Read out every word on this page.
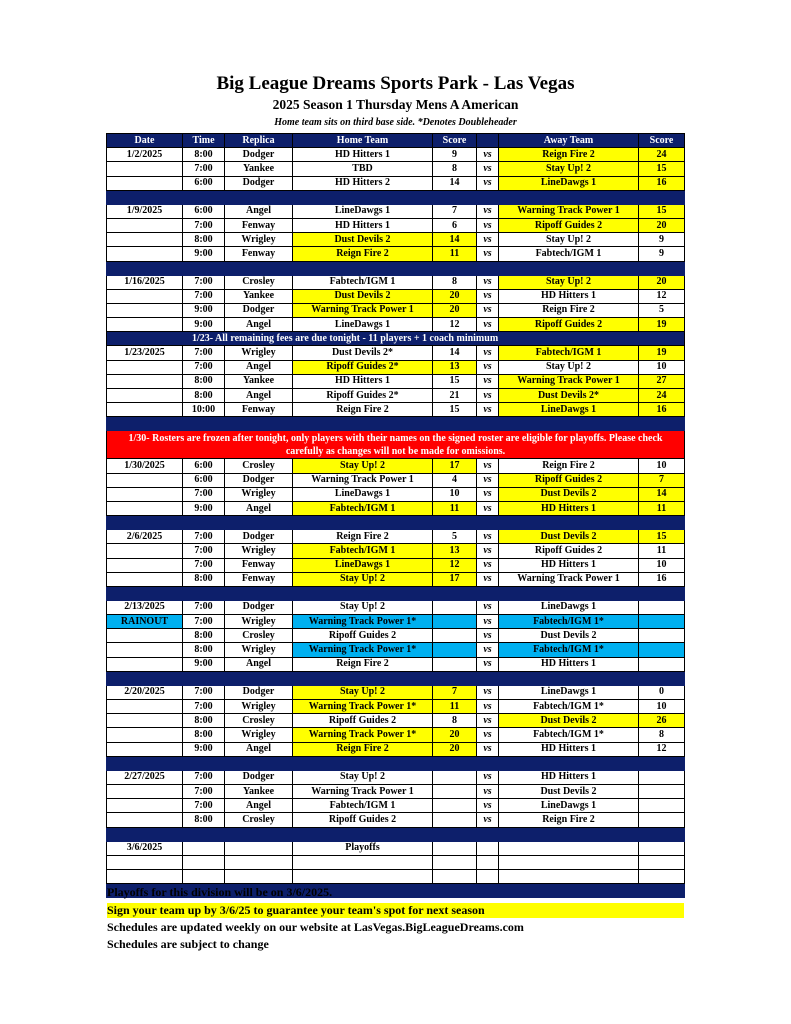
Big League Dreams Sports Park - Las Vegas
2025 Season 1 Thursday Mens A American
Home team sits on third base side. *Denotes Doubleheader
Date	Time	Replica	Home Team	Score		Away Team	Score
1/2/2025	8:00	Dodger	HD Hitters 1	9	vs	Reign Fire 2	24
	7:00	Yankee	TBD	8	vs	Stay Up! 2	15
	6:00	Dodger	HD Hitters 2	14	vs	LineDawgs 1	16

1/9/2025	6:00	Angel	LineDawgs 1	7	vs	Warning Track Power 1	15
	7:00	Fenway	HD Hitters 1	6	vs	Ripoff Guides 2	20
	8:00	Wrigley	Dust Devils 2	14	vs	Stay Up! 2	9
	9:00	Fenway	Reign Fire 2	11	vs	Fabtech/IGM 1	9

1/16/2025	7:00	Crosley	Fabtech/IGM 1	8	vs	Stay Up! 2	20
	7:00	Yankee	Dust Devils 2	20	vs	HD Hitters 1	12
	9:00	Dodger	Warning Track Power 1	20	vs	Reign Fire 2	5
	9:00	Angel	LineDawgs 1	12	vs	Ripoff Guides 2	19
1/23- All remaining fees are due tonight - 11 players + 1 coach minimum							
1/23/2025	7:00	Wrigley	Dust Devils 2*	14	vs	Fabtech/IGM 1	19
	7:00	Angel	Ripoff Guides 2*	13	vs	Stay Up! 2	10
	8:00	Yankee	HD Hitters 1	15	vs	Warning Track Power 1	27
	8:00	Angel	Ripoff Guides 2*	21	vs	Dust Devils 2*	24
	10:00	Fenway	Reign Fire 2	15	vs	LineDawgs 1	16

1/30- Rosters are frozen after tonight, only players with their names on the signed roster are eligible for playoffs. Please check carefully as changes will not be made for omissions.							
1/30/2025	6:00	Crosley	Stay Up! 2	17	vs	Reign Fire 2	10
	6:00	Dodger	Warning Track Power 1	4	vs	Ripoff Guides 2	7
	7:00	Wrigley	LineDawgs 1	10	vs	Dust Devils 2	14
	9:00	Angel	Fabtech/IGM 1	11	vs	HD Hitters 1	11

2/6/2025	7:00	Dodger	Reign Fire 2	5	vs	Dust Devils 2	15
	7:00	Wrigley	Fabtech/IGM 1	13	vs	Ripoff Guides 2	11
	7:00	Fenway	LineDawgs 1	12	vs	HD Hitters 1	10
	8:00	Fenway	Stay Up! 2	17	vs	Warning Track Power 1	16

2/13/2025	7:00	Dodger	Stay Up! 2		vs	LineDawgs 1	
RAINOUT	7:00	Wrigley	Warning Track Power 1*		vs	Fabtech/IGM 1*	
	8:00	Crosley	Ripoff Guides 2		vs	Dust Devils 2	
	8:00	Wrigley	Warning Track Power 1*		vs	Fabtech/IGM 1*	
	9:00	Angel	Reign Fire 2		vs	HD Hitters 1	

2/20/2025	7:00	Dodger	Stay Up! 2	7	vs	LineDawgs 1	0
	7:00	Wrigley	Warning Track Power 1*	11	vs	Fabtech/IGM 1*	10
	8:00	Crosley	Ripoff Guides 2	8	vs	Dust Devils 2	26
	8:00	Wrigley	Warning Track Power 1*	20	vs	Fabtech/IGM 1*	8
	9:00	Angel	Reign Fire 2	20	vs	HD Hitters 1	12

2/27/2025	7:00	Dodger	Stay Up! 2		vs	HD Hitters 1	
	7:00	Yankee	Warning Track Power 1		vs	Dust Devils 2	
	7:00	Angel	Fabtech/IGM 1		vs	LineDawgs 1	
	8:00	Crosley	Ripoff Guides 2		vs	Reign Fire 2	

3/6/2025			Playoffs				

Playoffs for this division will be on 3/6/2025.
Sign your team up by 3/6/25 to guarantee your team's spot for next season
Schedules are updated weekly on our website at LasVegas.BigLeagueDreams.com
Schedules are subject to change
